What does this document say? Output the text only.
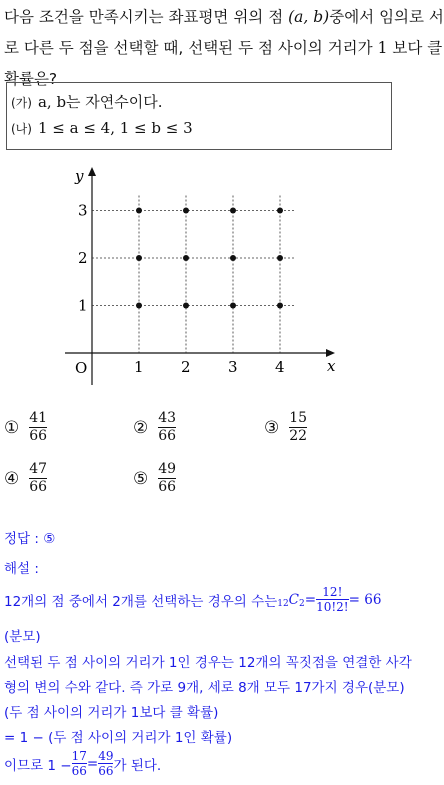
다음 조건을 만족시키는 좌표평면 위의 점 (a, b)중에서 임의로 서
로 다른 두 점을 선택할 때, 선택된 두 점 사이의 거리가 1 보다 클
확률은?
(가) a, b는 자연수이다.
(나) 1 ≤ a ≤ 4, 1 ≤ b ≤ 3
x
y
O	1 2 3 4
1
2
3
① $\frac{41}{66}$	② $\frac{43}{66}$	③ $\frac{15}{22}$
④ $\frac{47}{66}$	⑤ $\frac{49}{66}$
정답 : ⑤
해설 :
12개의 점 중에서 2개를 선택하는 경우의 수는 12 C 2 = 12!
10!2! = 66
(분모)
선택된 두 점 사이의 거리가 1인 경우는 12개의 꼭짓점을 연결한 사각
형의 변의 수와 같다. 즉 가로 9개, 세로 8개 모두 17가지 경우(분모)
(두 점 사이의 거리가 1보다 클 확률)
= 1 − (두 점 사이의 거리가 1인 확률)
이므로 1 −
17
66 = 49
66 가 된다.
